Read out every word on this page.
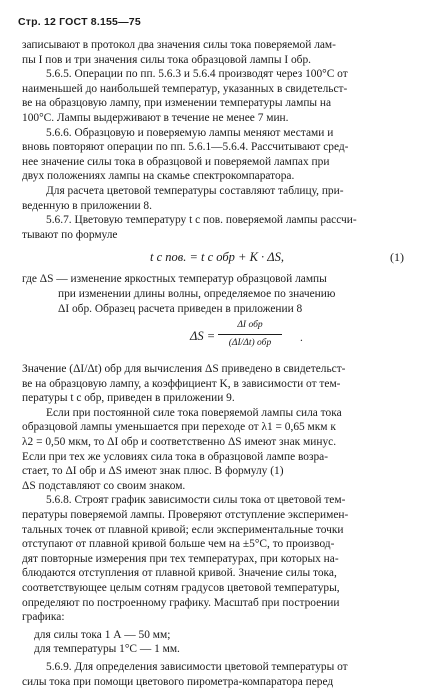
Стр. 12 ГОСТ 8.155—75

записывают в протокол два значения силы тока поверяемой лам-

пы I пов и три значения силы тока образцовой лампы I обр.

5.6.5. Операции по пп. 5.6.3 и 5.6.4 производят через 100°C от

наименьшей до наибольшей температур, указанных в свидетельст-

ве на образцовую лампу, при изменении температуры лампы на

100°C. Лампы выдерживают в течение не менее 7 мин.

5.6.6. Образцовую и поверяемую лампы меняют местами и

вновь повторяют операции по пп. 5.6.1—5.6.4. Рассчитывают сред-

нее значение силы тока в образцовой и поверяемой лампах при

двух положениях лампы на скамье спектрокомпаратора.

Для расчета цветовой температуры составляют таблицу, при-

веденную в приложении 8.

5.6.7. Цветовую температуру t c пов. поверяемой лампы рассчи-

тывают по формуле

t c пов. = t c обр + K · ΔS,	(1)

где ΔS — изменение яркостных температур образцовой лампы

при изменении длины волны, определяемое по значению

ΔI обр. Образец расчета приведен в приложении 8

ΔS =
ΔI обр
(ΔI/Δt) обр	.

Значение (ΔI/Δt) обр для вычисления ΔS приведено в свидетельст-

ве на образцовую лампу, а коэффициент K, в зависимости от тем-

пературы t c обр, приведен в приложении 9.

Если при постоянной силе тока поверяемой лампы сила тока

образцовой лампы уменьшается при переходе от λ1 = 0,65 мкм к

λ2 = 0,50 мкм, то ΔI обр и соответственно ΔS имеют знак минус.

Если при тех же условиях сила тока в образцовой лампе возра-

стает, то ΔI обр и ΔS имеют знак плюс. В формулу (1)

ΔS подставляют со своим знаком.

5.6.8. Строят график зависимости силы тока от цветовой тем-

пературы поверяемой лампы. Проверяют отступление эксперимен-

тальных точек от плавной кривой; если экспериментальные точки

отступают от плавной кривой больше чем на ±5°C, то производ-

дят повторные измерения при тех температурах, при которых на-

блюдаются отступления от плавной кривой. Значение силы тока,

соответствующее целым сотням градусов цветовой температуры,

определяют по построенному графику. Масштаб при построении

графика:

для силы тока 1 А — 50 мм;

для температуры 1°C — 1 мм.

5.6.9. Для определения зависимости цветовой температуры от

силы тока при помощи цветового пирометра-компаратора перед
